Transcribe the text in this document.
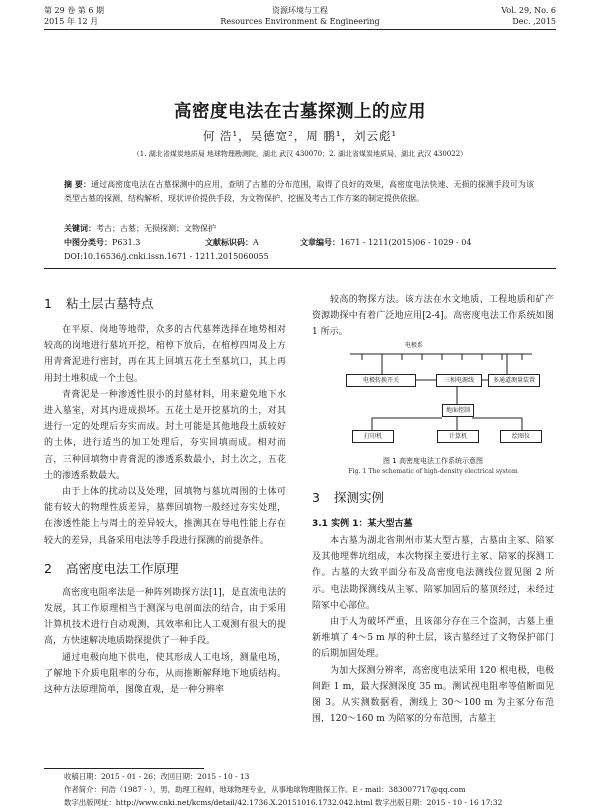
第 29 卷 第 6 期
2015 年 12 月
资源环境与工程
Resources Environment & Engineering
Vol. 29, No. 6
Dec. ,2015
高密度电法在古墓探测上的应用
何 浩¹，吴德宽²，周 鹏¹，刘云彪¹
（1. 湖北省煤炭地质局 地球物理勘测院，湖北 武汉 430070；2. 湖北省煤炭地质局，湖北 武汉 430022）
摘 要：通过高密度电法在古墓探测中的应用，查明了古墓的分布范围，取得了良好的效果，高密度电法快速、无损的探测手段可为该类型古墓的探测、结构解析、现状评价提供手段，为文物保护、挖掘及考古工作方案的制定提供依据。
关键词：考古；古墓；无损探测；文物保护
中图分类号：P631.3	文献标识码：A	文章编号：1671 - 1211(2015)06 - 1029 - 04
DOI:10.16536/j.cnki.issn.1671 - 1211.2015060055
1 粘土层古墓特点

在平原、岗地等地带，众多的古代墓葬选择在地势相对较高的岗地进行墓坑开挖，棺椁下放后，在棺椁四周及上方用青膏泥进行密封，再在其上回填五花土至墓坑口，其上再用封土堆积成一个土包。

青膏泥是一种渗透性很小的封墓材料，用来避免地下水进入墓室，对其内进成损坏。五花土是开挖墓坑的土，对其进行一定的处理后夯实而成。封土可能是其他地段土质较好的土体，进行适当的加工处理后，夯实回填而成。相对而言，三种回填物中青膏泥的渗透系数最小，封土次之，五花土的渗透系数最大。

由于上体的扰动以及处理，回填物与墓坑周围的土体可能有较大的物理性质差异，墓葬回填物一般经过夯实处理，在渗透性能上与周土的差异较大，推测其在导电性能上存在较大的差异，具备采用电法等手段进行探测的前提条件。

2 高密度电法工作原理

高密度电阻率法是一种阵列勘探方法[1]，是直流电法的发展，其工作原理相当于测深与电剖面法的结合，由于采用计算机技术进行自动观测，其效率和比人工观测有很大的提高，方快速解决地质勘探提供了一种手段。

通过电极向地下供电，使其形成人工电场，测量电场，了解地下介质电阻率的分布，从而推断解释地下地质结构。这种方法原理简单，图像直观，是一种分辨率

较高的物探方法。该方法在水文地质、工程地质和矿产资源勘探中有着广泛地应用[2-4]。高密度电法工作系统如图 1 所示。

电极系
电极转换开关	三相电源线	多通道测量装置
地面控制
打印机	计算机	绘图仪
图 1 高密度电法工作系统示意图
Fig. 1 The schematic of high-density electrical system
3 探测实例
3.1 实例 1：某大型古墓

本古墓为湖北省荆州市某大型古墓，古墓由主冢、陪冢及其他埋葬坑组成，本次物探主要进行主冢、陪冢的探测工作。古墓的大致平面分布及高密度电法测线位置见图 2 所示。电法勘探测线从主冢、陪冢加固后的墓顶经过，未经过陪冢中心部位。

由于人为破坏严重，且该部分存在三个盗洞，古墓上重新堆填了 4～5 m 厚的种土层，该古墓经过了文物保护部门的后期加固处理。

为加大探测分辨率，高密度电法采用 120 根电极，电极间距 1 m，最大探测深度 35 m。测试视电阻率等值断面见图 3。从实测数据看，测线上 30～100 m 为主冢分布范围，120～160 m 为陪冢的分布范围，古墓主

收稿日期：2015 - 01 - 26；改回日期：2015 - 10 - 13
作者简介：何浩（1987 - ），男，助理工程师，地球物理专业，从事地球物理勘探工作。E - mail：383007717@qq.com
数字出版网址：http://www.cnki.net/kcms/detail/42.1736.X.20151016.1732.042.html 数字出版日期：2015 - 10 - 16 17:32
